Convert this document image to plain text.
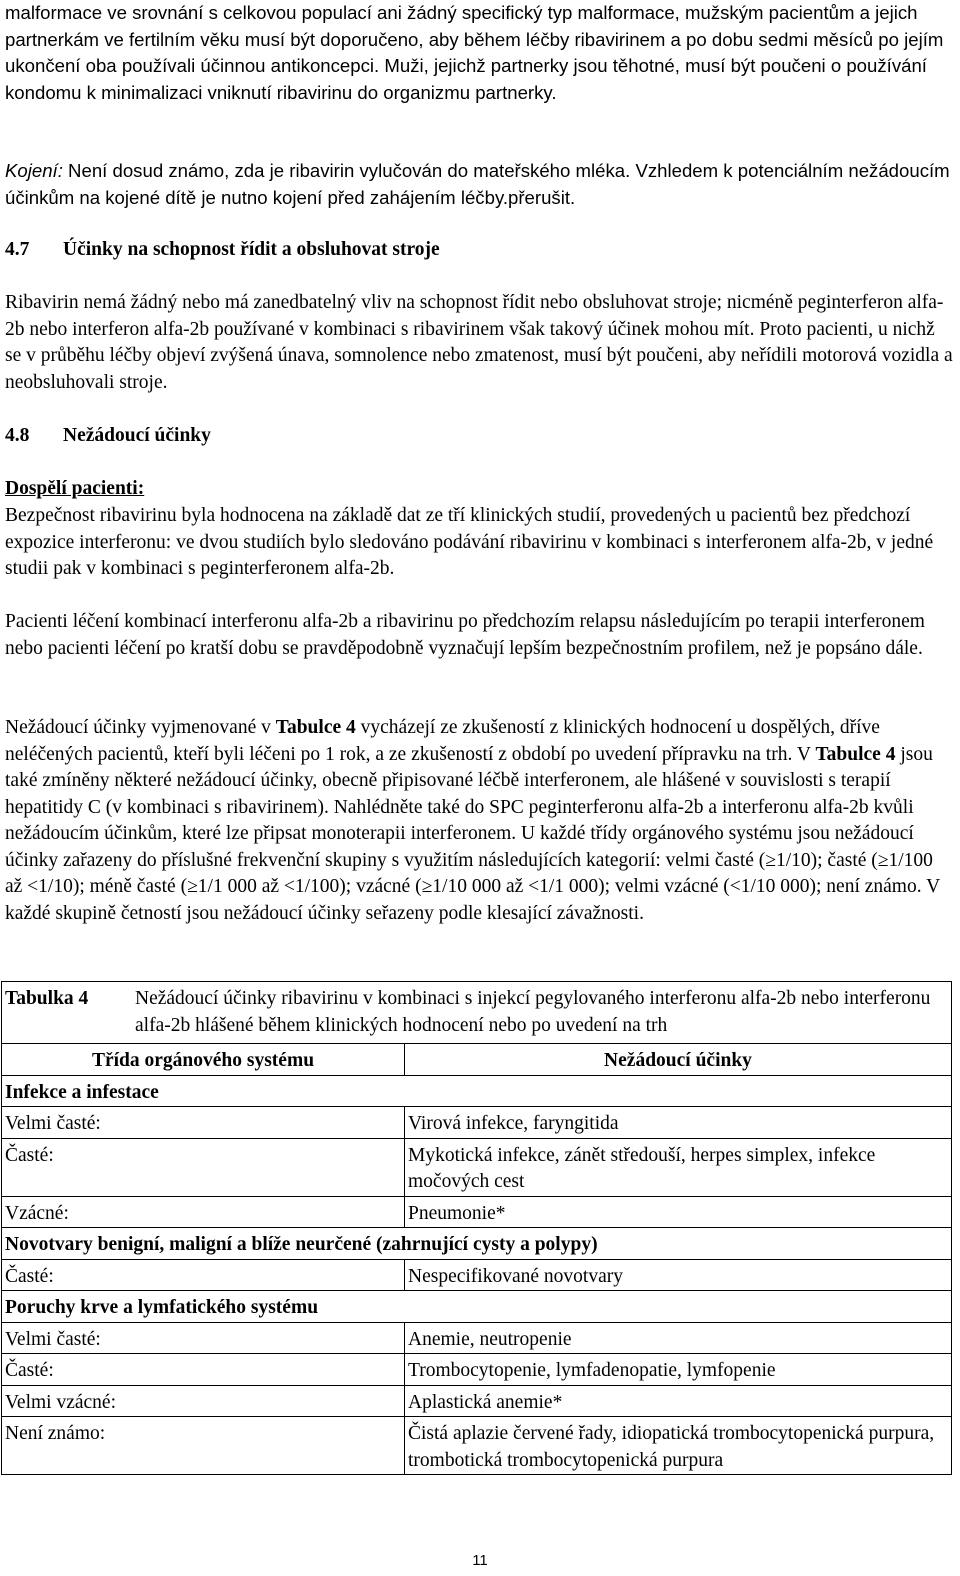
malformace ve srovnání s celkovou populací ani žádný specifický typ malformace, mužským pacientům a jejich partnerkám ve fertilním věku musí být doporučeno, aby během léčby ribavirinem a po dobu sedmi měsíců po jejím ukončení oba používali účinnou antikoncepci. Muži, jejichž partnerky jsou těhotné, musí být poučeni o používání kondomu k minimalizaci vniknutí ribavirinu do organizmu partnerky.

Kojení: Není dosud známo, zda je ribavirin vylučován do mateřského mléka. Vzhledem k potenciálním nežádoucím účinkům na kojené dítě je nutno kojení před zahájením léčby.přerušit.

4.7 Účinky na schopnost řídit a obsluhovat stroje

Ribavirin nemá žádný nebo má zanedbatelný vliv na schopnost řídit nebo obsluhovat stroje; nicméně peginterferon alfa-2b nebo interferon alfa-2b používané v kombinaci s ribavirinem však takový účinek mohou mít. Proto pacienti, u nichž se v průběhu léčby objeví zvýšená únava, somnolence nebo zmatenost, musí být poučeni, aby neřídili motorová vozidla a neobsluhovali stroje.

4.8 Nežádoucí účinky

Dospělí pacienti:

Bezpečnost ribavirinu byla hodnocena na základě dat ze tří klinických studií, provedených u pacientů bez předchozí expozice interferonu: ve dvou studiích bylo sledováno podávání ribavirinu v kombinaci s interferonem alfa-2b, v jedné studii pak v kombinaci s peginterferonem alfa-2b.

Pacienti léčení kombinací interferonu alfa-2b a ribavirinu po předchozím relapsu následujícím po terapii interferonem nebo pacienti léčení po kratší dobu se pravděpodobně vyznačují lepším bezpečnostním profilem, než je popsáno dále.

Nežádoucí účinky vyjmenované v Tabulce 4 vycházejí ze zkušeností z klinických hodnocení u dospělých, dříve neléčených pacientů, kteří byli léčeni po 1 rok, a ze zkušeností z období po uvedení přípravku na trh. V Tabulce 4 jsou také zmíněny některé nežádoucí účinky, obecně připisované léčbě interferonem, ale hlášené v souvislosti s terapií hepatitidy C (v kombinaci s ribavirinem). Nahlédněte také do SPC peginterferonu alfa-2b a interferonu alfa-2b kvůli nežádoucím účinkům, které lze připsat monoterapii interferonem. U každé třídy orgánového systému jsou nežádoucí účinky zařazeny do příslušné frekvenční skupiny s využitím následujících kategorií: velmi časté (≥1/10); časté (≥1/100 až <1/10); méně časté (≥1/1 000 až <1/100); vzácné (≥1/10 000 až <1/1 000); velmi vzácné (<1/10 000); není známo. V každé skupině četností jsou nežádoucí účinky seřazeny podle klesající závažnosti.

Tabulka 4 Nežádoucí účinky ribavirinu v kombinaci s injekcí pegylovaného interferonu alfa-2b nebo interferonu alfa-2b hlášené během klinických hodnocení nebo po uvedení na trh	
Třída orgánového systému	Nežádoucí účinky
Infekce a infestace	
Velmi časté:	Virová infekce, faryngitida
Časté:	Mykotická infekce, zánět středouší, herpes simplex, infekce močových cest
Vzácné:	Pneumonie*
Novotvary benigní, maligní a blíže neurčené (zahrnující cysty a polypy)	
Časté:	Nespecifikované novotvary
Poruchy krve a lymfatického systému	
Velmi časté:	Anemie, neutropenie
Časté:	Trombocytopenie, lymfadenopatie, lymfopenie
Velmi vzácné:	Aplastická anemie*
Není známo:	Čistá aplazie červené řady, idiopatická trombocytopenická purpura, trombotická trombocytopenická purpura
11
